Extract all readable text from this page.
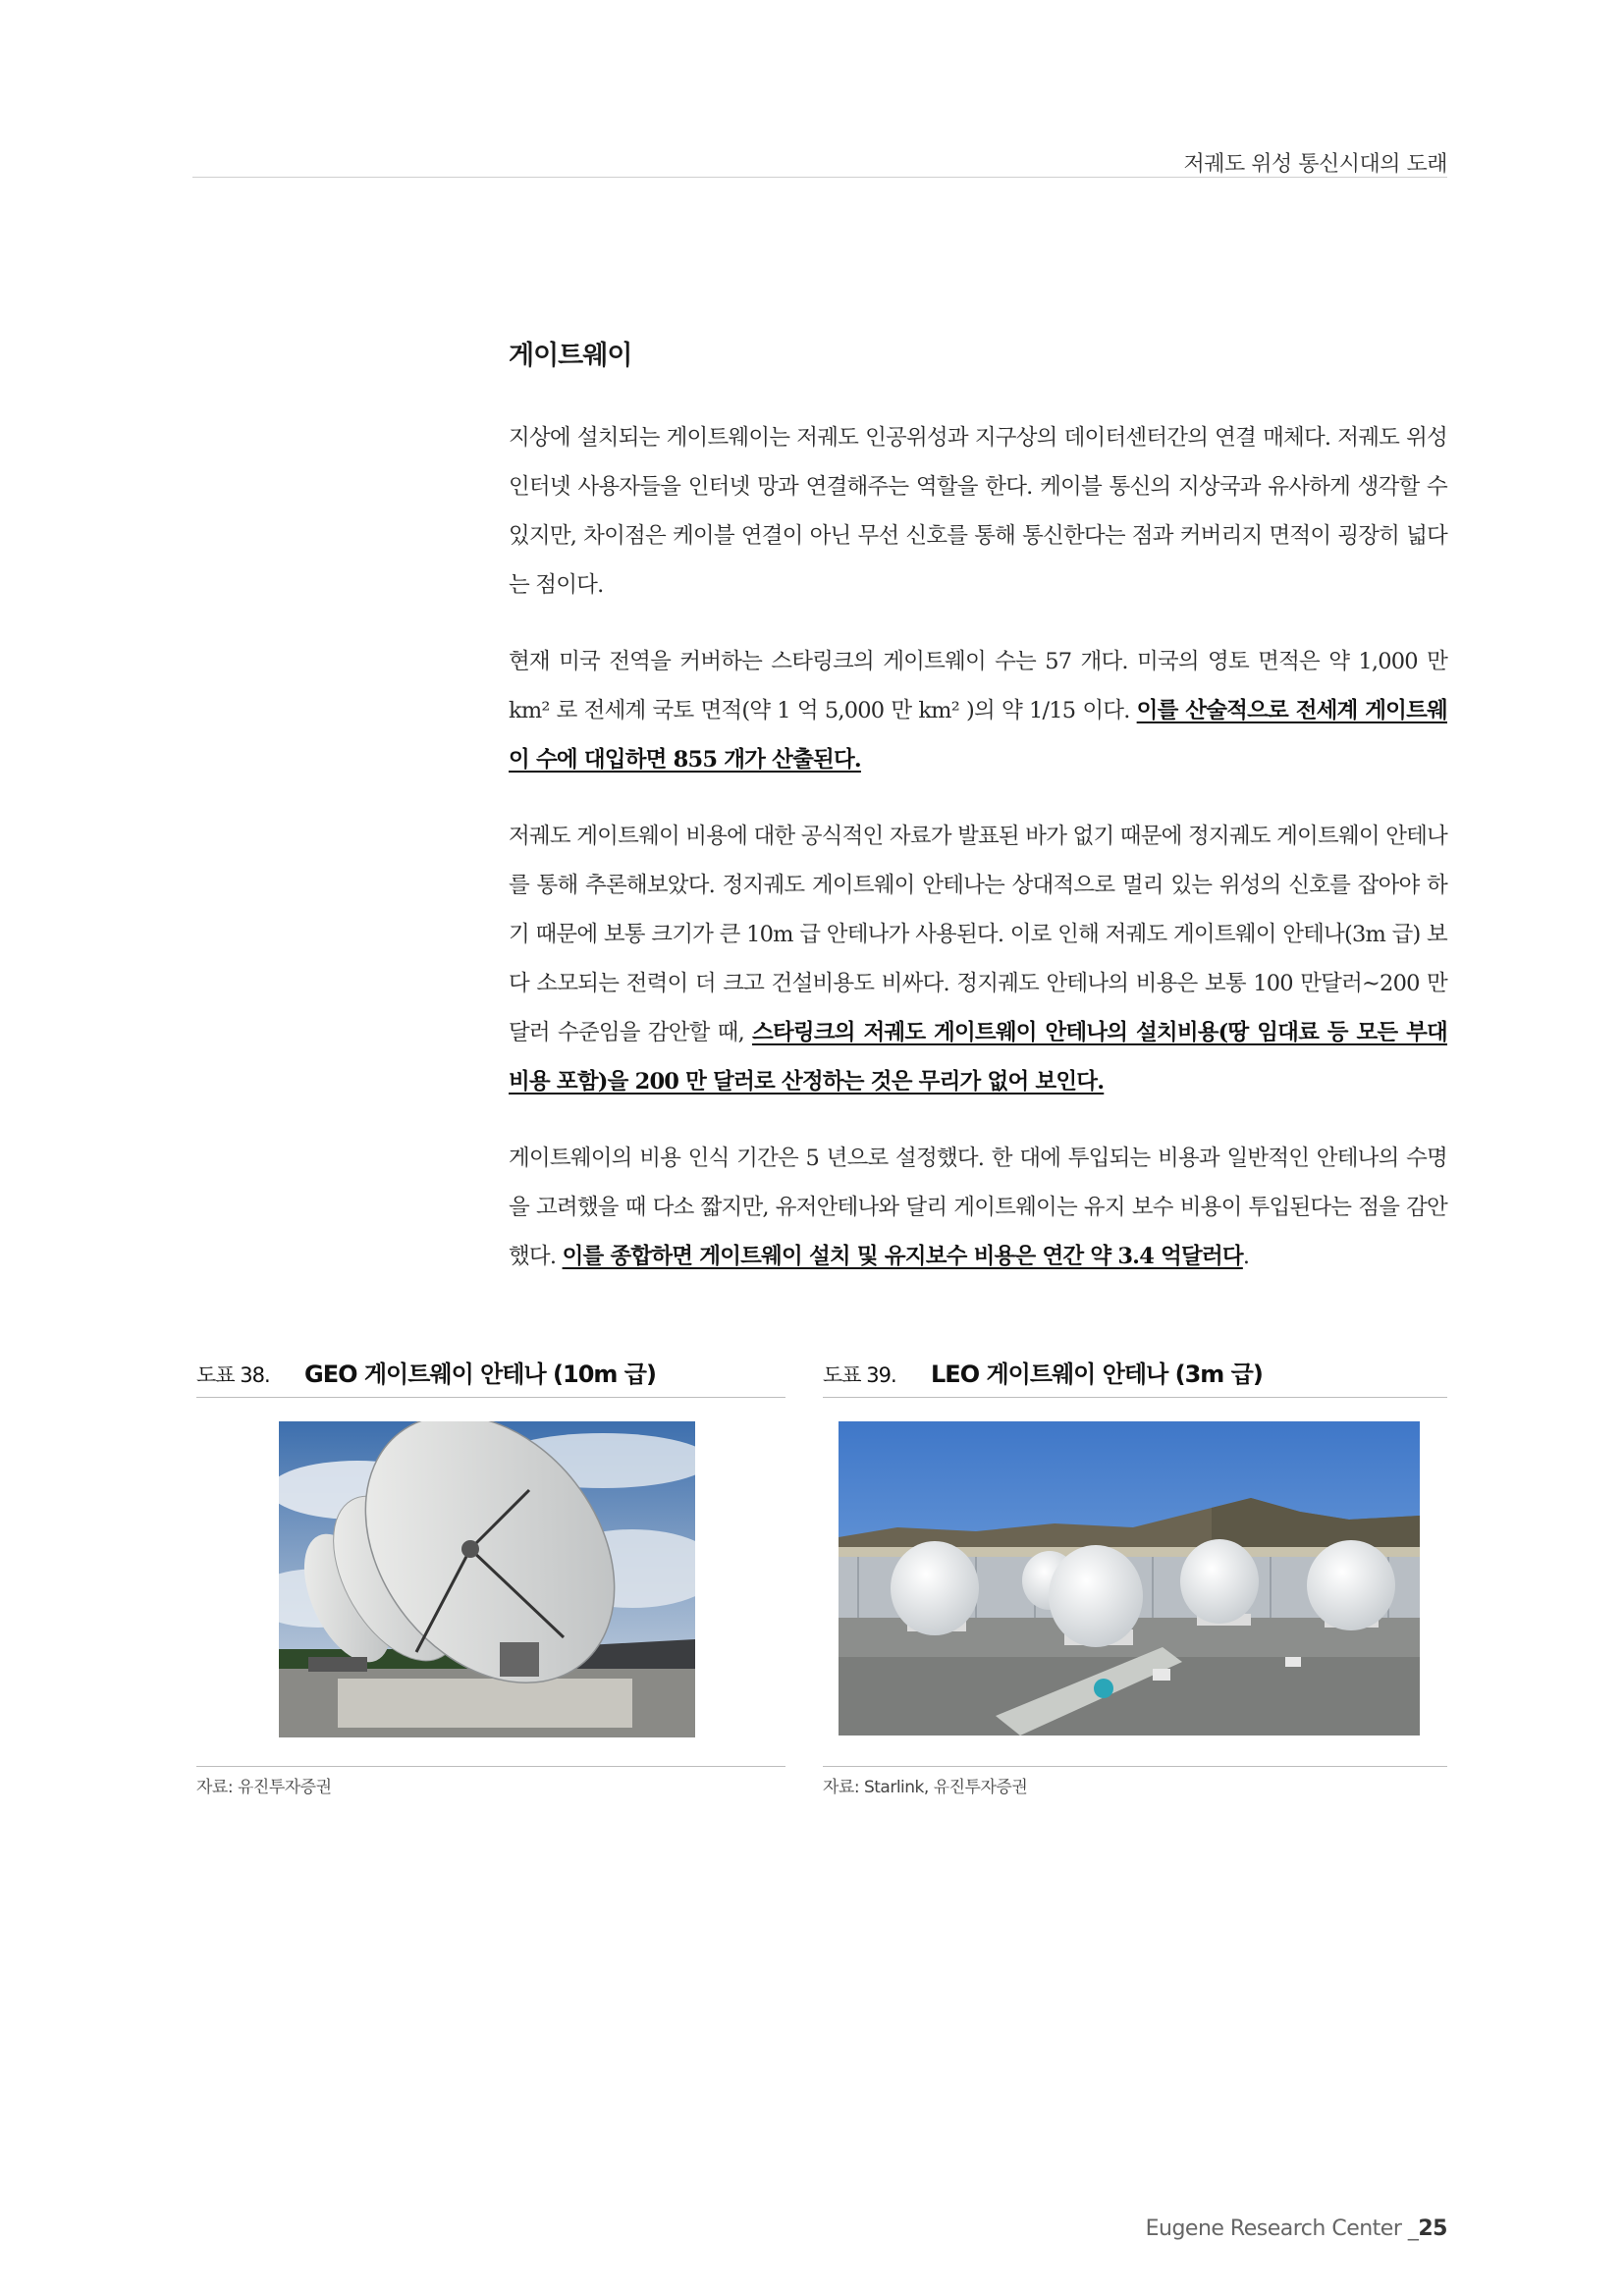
저궤도 위성 통신시대의 도래
게이트웨이

지상에 설치되는 게이트웨이는 저궤도 인공위성과 지구상의 데이터센터간의 연결 매체다. 저궤도 위성 인터넷 사용자들을 인터넷 망과 연결해주는 역할을 한다. 케이블 통신의 지상국과 유사하게 생각할 수 있지만, 차이점은 케이블 연결이 아닌 무선 신호를 통해 통신한다는 점과 커버리지 면적이 굉장히 넓다는 점이다.

현재 미국 전역을 커버하는 스타링크의 게이트웨이 수는 57 개다. 미국의 영토 면적은 약 1,000 만 km² 로 전세계 국토 면적(약 1 억 5,000 만 km² )의 약 1/15 이다. 이를 산술적으로 전세계 게이트웨이 수에 대입하면 855 개가 산출된다.

저궤도 게이트웨이 비용에 대한 공식적인 자료가 발표된 바가 없기 때문에 정지궤도 게이트웨이 안테나를 통해 추론해보았다. 정지궤도 게이트웨이 안테나는 상대적으로 멀리 있는 위성의 신호를 잡아야 하기 때문에 보통 크기가 큰 10m 급 안테나가 사용된다. 이로 인해 저궤도 게이트웨이 안테나(3m 급) 보다 소모되는 전력이 더 크고 건설비용도 비싸다. 정지궤도 안테나의 비용은 보통 100 만달러~200 만달러 수준임을 감안할 때, 스타링크의 저궤도 게이트웨이 안테나의 설치비용(땅 임대료 등 모든 부대비용 포함)을 200 만 달러로 산정하는 것은 무리가 없어 보인다.

게이트웨이의 비용 인식 기간은 5 년으로 설정했다. 한 대에 투입되는 비용과 일반적인 안테나의 수명을 고려했을 때 다소 짧지만, 유저안테나와 달리 게이트웨이는 유지 보수 비용이 투입된다는 점을 감안했다. 이를 종합하면 게이트웨이 설치 및 유지보수 비용은 연간 약 3.4 억달러다.

도표 38.	GEO 게이트웨이 안테나 (10m 급)
자료: 유진투자증권
도표 39.	LEO 게이트웨이 안테나 (3m 급)
자료: Starlink, 유진투자증권
Eugene Research Center _25
